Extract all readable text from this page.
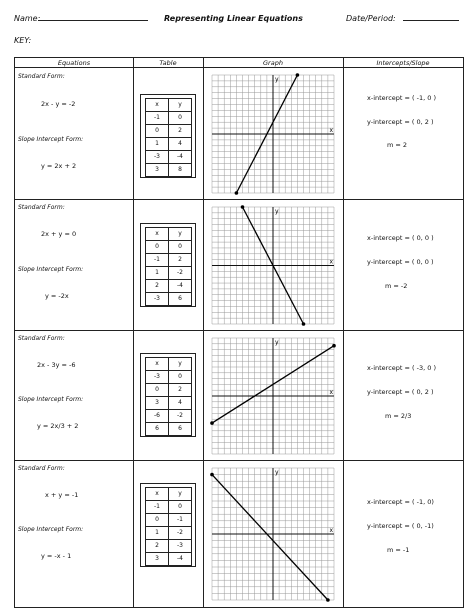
Name:	Representing Linear Equations	Date/Period:
KEY:
Equations	Table	Graph	Intercepts/Slope
Standard Form:
2x - y = -2
Slope Intercept Form:
y = 2x + 2
x	y
-1	0
0	2
1	4
-3	-4
3	8
x
y
x-intercept = ( -1, 0 )
y-intercept = ( 0, 2 )
m = 2
Standard Form:
2x + y = 0
Slope Intercept Form:
y = -2x
x	y
0	0
-1	2
1	-2
2	-4
-3	6
x
y
x-intercept = ( 0, 0 )
y-intercept = ( 0, 0 )
m = -2
Standard Form:
2x - 3y = -6
Slope Intercept Form:
y = 2x/3 + 2
x	y
-3	0
0	2
3	4
-6	-2
6	6
x
y
x-intercept = ( -3, 0 )
y-intercept = ( 0, 2 )
m = 2/3
Standard Form:
x + y = -1
Slope Intercept Form:
y = -x - 1
x	y
-1	0
0	-1
1	-2
2	-3
3	-4
x
y
x-intercept = ( -1, 0)
y-intercept = ( 0, -1)
m = -1
